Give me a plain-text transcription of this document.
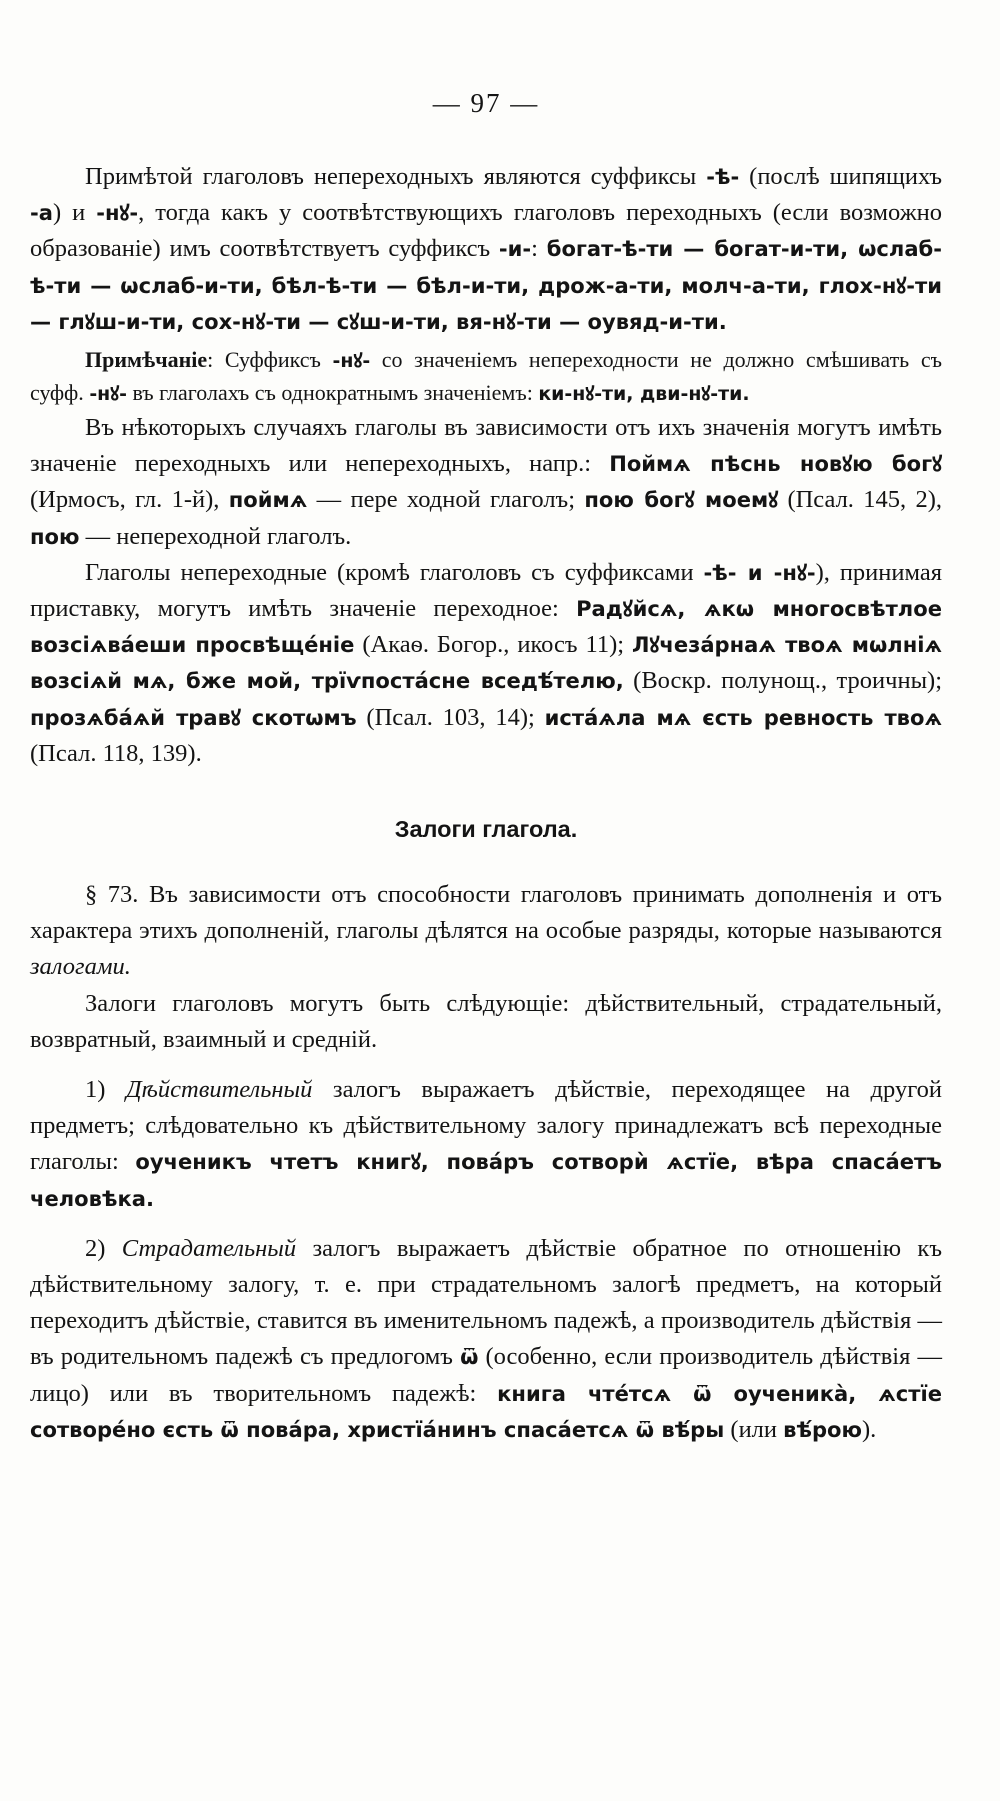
— 97 —

Примѣтой глаголовъ непереходныхъ являются суффиксы -ѣ- (послѣ шипящихъ -а) и -нꙋ-, тогда какъ у соотвѣтствующихъ глаголовъ переходныхъ (если возможно образованіе) имъ соотвѣтствуетъ суффиксъ -и-: богат-ѣ-ти — богат-и-ти, ѡслаб-ѣ-ти — ѡслаб-и-ти, бѣл-ѣ-ти — бѣл-и-ти, дрож-а-ти, молч-а-ти, глох-нꙋ-ти — глꙋш-и-ти, сох-нꙋ-ти — сꙋш-и-ти, вя-нꙋ-ти — оувяд-и-ти.

Примѣчаніе: Суффиксъ -нꙋ- со значеніемъ непереходности не должно смѣшивать съ суфф. -нꙋ- въ глаголахъ съ однократнымъ значеніемъ: ки-нꙋ-ти, дви-нꙋ-ти.

Въ нѣкоторыхъ случаяхъ глаголы въ зависимости отъ ихъ значенія могутъ имѣть значеніе переходныхъ или непереходныхъ, напр.: Поймѧ пѣснь новꙋю богꙋ (Ирмосъ, гл. 1-й), поймѧ — пере ходной глаголъ; пою богꙋ моемꙋ (Псал. 145, 2), пою — непереходной глаголъ.

Глаголы непереходные (кромѣ глаголовъ съ суффиксами -ѣ- и -нꙋ-), принимая приставку, могутъ имѣть значеніе переходное: Радꙋйсѧ, ѧкѡ многосвѣтлое возсіѧвáеши просвѣщéніе (Акаѳ. Богор., икосъ 11); Лꙋчезáрнаѧ твоѧ мѡлніѧ возсіѧй мѧ, бже мой, трїѵпостáсне вседѣ́телю, (Воскр. полунощ., троичны); прозѧбáѧй травꙋ скотѡмъ (Псал. 103, 14); истáѧла мѧ єсть ревность твоѧ (Псал. 118, 139).

Залоги глагола.

§ 73. Въ зависимости отъ способности глаголовъ принимать дополненія и отъ характера этихъ дополненій, глаголы дѣлятся на особые разряды, которые называются залогами.

Залоги глаголовъ могутъ быть слѣдующіе: дѣйствительный, страдательный, возвратный, взаимный и средній.

1) Дѣйствительный залогъ выражаетъ дѣйствіе, переходящее на другой предметъ; слѣдовательно къ дѣйствительному залогу принадлежатъ всѣ переходные глаголы: оученикъ чтетъ книгꙋ, повáръ сотворѝ ѧстїе, вѣра спасáетъ человѣка.

2) Страдательный залогъ выражаетъ дѣйствіе обратное по отношенію къ дѣйствительному залогу, т. е. при страдательномъ залогѣ предметъ, на который переходитъ дѣйствіе, ставится въ именительномъ падежѣ, а производитель дѣйствія — въ родительномъ падежѣ съ предлогомъ ѿ (особенно, если производитель дѣйствія — лицо) или въ творительномъ падежѣ: книга чтéтсѧ ѿ оученикà, ѧстїе сотворéно єсть ѿ повáра, христїáнинъ спасáетсѧ ѿ вѣ́ры (или вѣ́рою).
